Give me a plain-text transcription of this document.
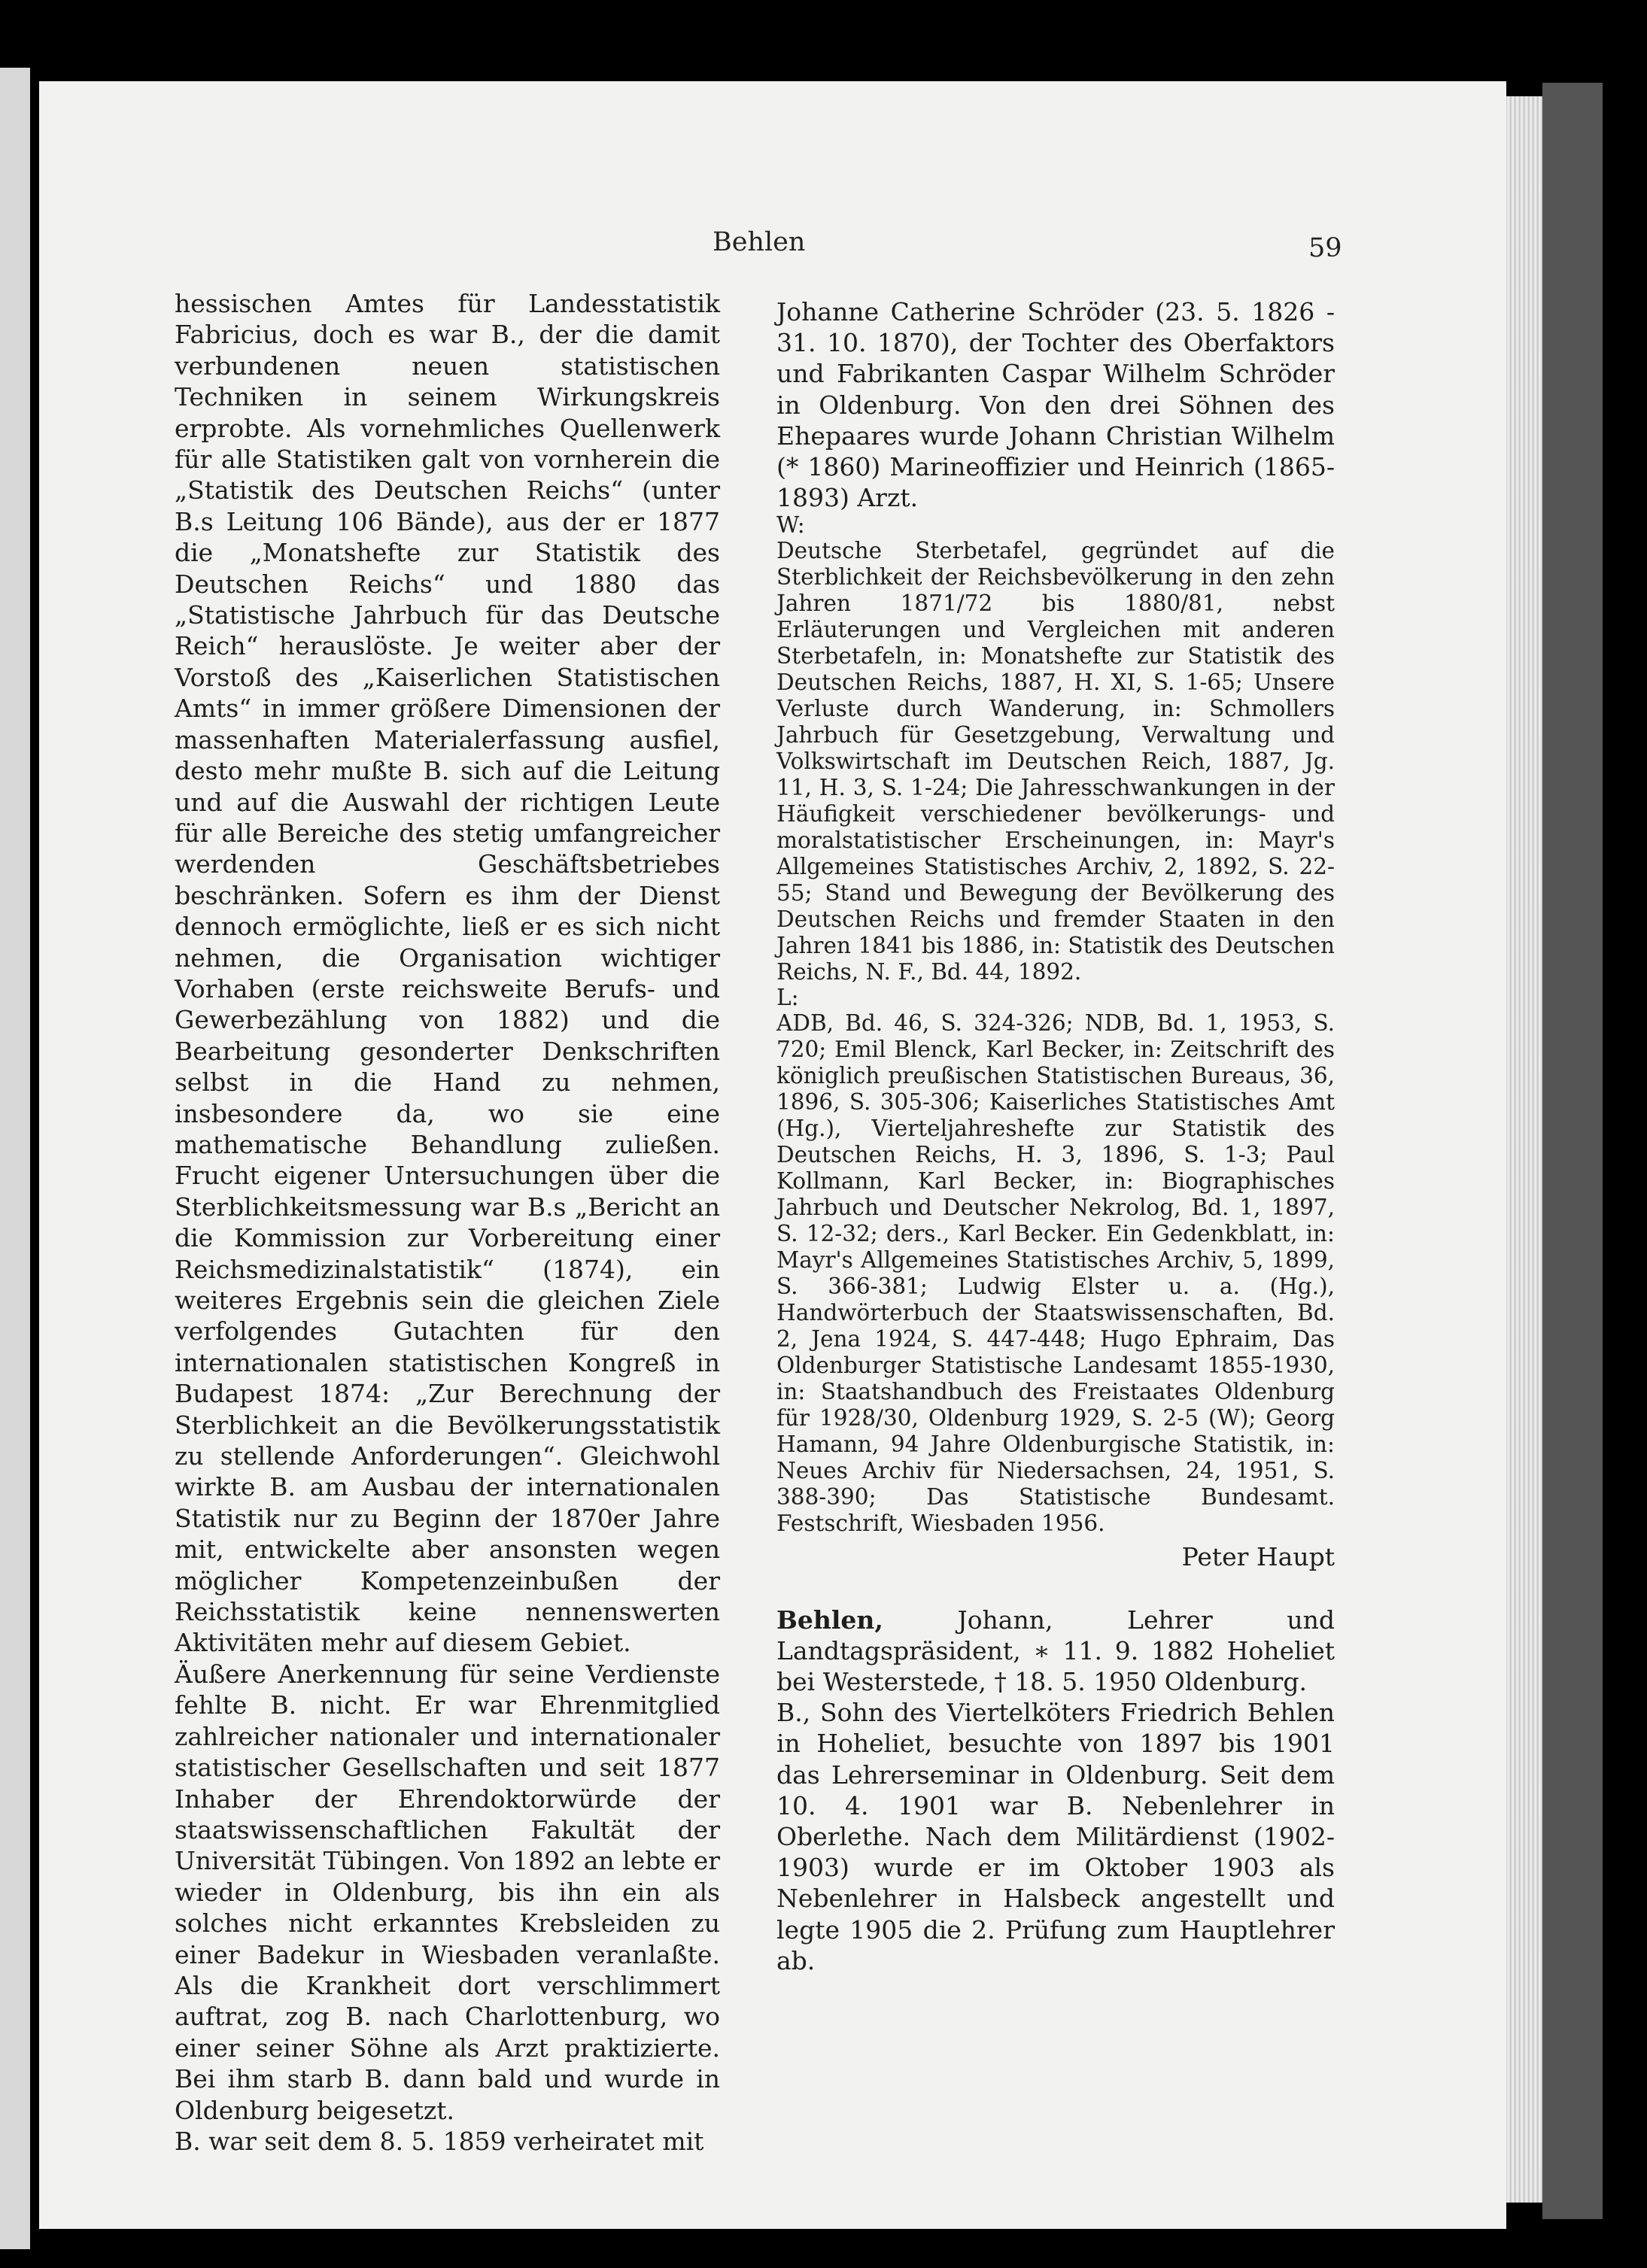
Behlen	59

hessischen Amtes für Landesstatistik Fabricius, doch es war B., der die damit verbundenen neuen statistischen Techniken in seinem Wirkungskreis erprobte. Als vornehmliches Quellenwerk für alle Statistiken galt von vornherein die „Statistik des Deutschen Reichs“ (unter B.s Leitung 106 Bände), aus der er 1877 die „Monatshefte zur Statistik des Deutschen Reichs“ und 1880 das „Statistische Jahrbuch für das Deutsche Reich“ herauslöste. Je weiter aber der Vorstoß des „Kaiserlichen Statistischen Amts“ in immer größere Dimensionen der massenhaften Materialerfassung ausfiel, desto mehr mußte B. sich auf die Leitung und auf die Auswahl der richtigen Leute für alle Bereiche des stetig umfangreicher werdenden Geschäftsbetriebes beschränken. Sofern es ihm der Dienst dennoch ermöglichte, ließ er es sich nicht nehmen, die Organisation wichtiger Vorhaben (erste reichsweite Berufs- und Gewerbezählung von 1882) und die Bearbeitung gesonderter Denkschriften selbst in die Hand zu nehmen, insbesondere da, wo sie eine mathematische Behandlung zuließen. Frucht eigener Untersuchungen über die Sterblichkeitsmessung war B.s „Bericht an die Kommission zur Vorbereitung einer Reichsmedizinalstatistik“ (1874), ein weiteres Ergebnis sein die gleichen Ziele verfolgendes Gutachten für den internationalen statistischen Kongreß in Budapest 1874: „Zur Berechnung der Sterblichkeit an die Bevölkerungsstatistik zu stellende Anforderungen“. Gleichwohl wirkte B. am Ausbau der internationalen Statistik nur zu Beginn der 1870er Jahre mit, entwickelte aber ansonsten wegen möglicher Kompetenzeinbußen der Reichsstatistik keine nennenswerten Aktivitäten mehr auf diesem Gebiet.

Äußere Anerkennung für seine Verdienste fehlte B. nicht. Er war Ehrenmitglied zahlreicher nationaler und internationaler statistischer Gesellschaften und seit 1877 Inhaber der Ehrendoktorwürde der staatswissenschaftlichen Fakultät der Universität Tübingen. Von 1892 an lebte er wieder in Oldenburg, bis ihn ein als solches nicht erkanntes Krebsleiden zu einer Badekur in Wiesbaden veranlaßte. Als die Krankheit dort verschlimmert auftrat, zog B. nach Charlottenburg, wo einer seiner Söhne als Arzt praktizierte. Bei ihm starb B. dann bald und wurde in Oldenburg beigesetzt.

B. war seit dem 8. 5. 1859 verheiratet mit

Johanne Catherine Schröder (23. 5. 1826 - 31. 10. 1870), der Tochter des Oberfaktors und Fabrikanten Caspar Wilhelm Schröder in Oldenburg. Von den drei Söhnen des Ehepaares wurde Johann Christian Wilhelm (* 1860) Marineoffizier und Heinrich (1865-1893) Arzt.

W:

Deutsche Sterbetafel, gegründet auf die Sterblichkeit der Reichsbevölkerung in den zehn Jahren 1871/72 bis 1880/81, nebst Erläuterungen und Vergleichen mit anderen Sterbetafeln, in: Monatshefte zur Statistik des Deutschen Reichs, 1887, H. XI, S. 1-65; Unsere Verluste durch Wanderung, in: Schmollers Jahrbuch für Gesetzgebung, Verwaltung und Volkswirtschaft im Deutschen Reich, 1887, Jg. 11, H. 3, S. 1-24; Die Jahresschwankungen in der Häufigkeit verschiedener bevölkerungs- und moralstatistischer Erscheinungen, in: Mayr's Allgemeines Statistisches Archiv, 2, 1892, S. 22-55; Stand und Bewegung der Bevölkerung des Deutschen Reichs und fremder Staaten in den Jahren 1841 bis 1886, in: Statistik des Deutschen Reichs, N. F., Bd. 44, 1892.

L:

ADB, Bd. 46, S. 324-326; NDB, Bd. 1, 1953, S. 720; Emil Blenck, Karl Becker, in: Zeitschrift des königlich preußischen Statistischen Bureaus, 36, 1896, S. 305-306; Kaiserliches Statistisches Amt (Hg.), Vierteljahreshefte zur Statistik des Deutschen Reichs, H. 3, 1896, S. 1-3; Paul Kollmann, Karl Becker, in: Biographisches Jahrbuch und Deutscher Nekrolog, Bd. 1, 1897, S. 12-32; ders., Karl Becker. Ein Gedenkblatt, in: Mayr's Allgemeines Statistisches Archiv, 5, 1899, S. 366-381; Ludwig Elster u. a. (Hg.), Handwörterbuch der Staatswissenschaften, Bd. 2, Jena 1924, S. 447-448; Hugo Ephraim, Das Oldenburger Statistische Landesamt 1855-1930, in: Staatshandbuch des Freistaates Oldenburg für 1928/30, Oldenburg 1929, S. 2-5 (W); Georg Hamann, 94 Jahre Oldenburgische Statistik, in: Neues Archiv für Niedersachsen, 24, 1951, S. 388-390; Das Statistische Bundesamt. Festschrift, Wiesbaden 1956.

Peter Haupt

Behlen, Johann, Lehrer und Landtagspräsident, ∗ 11. 9. 1882 Hoheliet bei Westerstede, † 18. 5. 1950 Oldenburg.

B., Sohn des Viertelköters Friedrich Behlen in Hoheliet, besuchte von 1897 bis 1901 das Lehrerseminar in Oldenburg. Seit dem 10. 4. 1901 war B. Nebenlehrer in Oberlethe. Nach dem Militärdienst (1902-1903) wurde er im Oktober 1903 als Nebenlehrer in Halsbeck angestellt und legte 1905 die 2. Prüfung zum Hauptlehrer ab.
